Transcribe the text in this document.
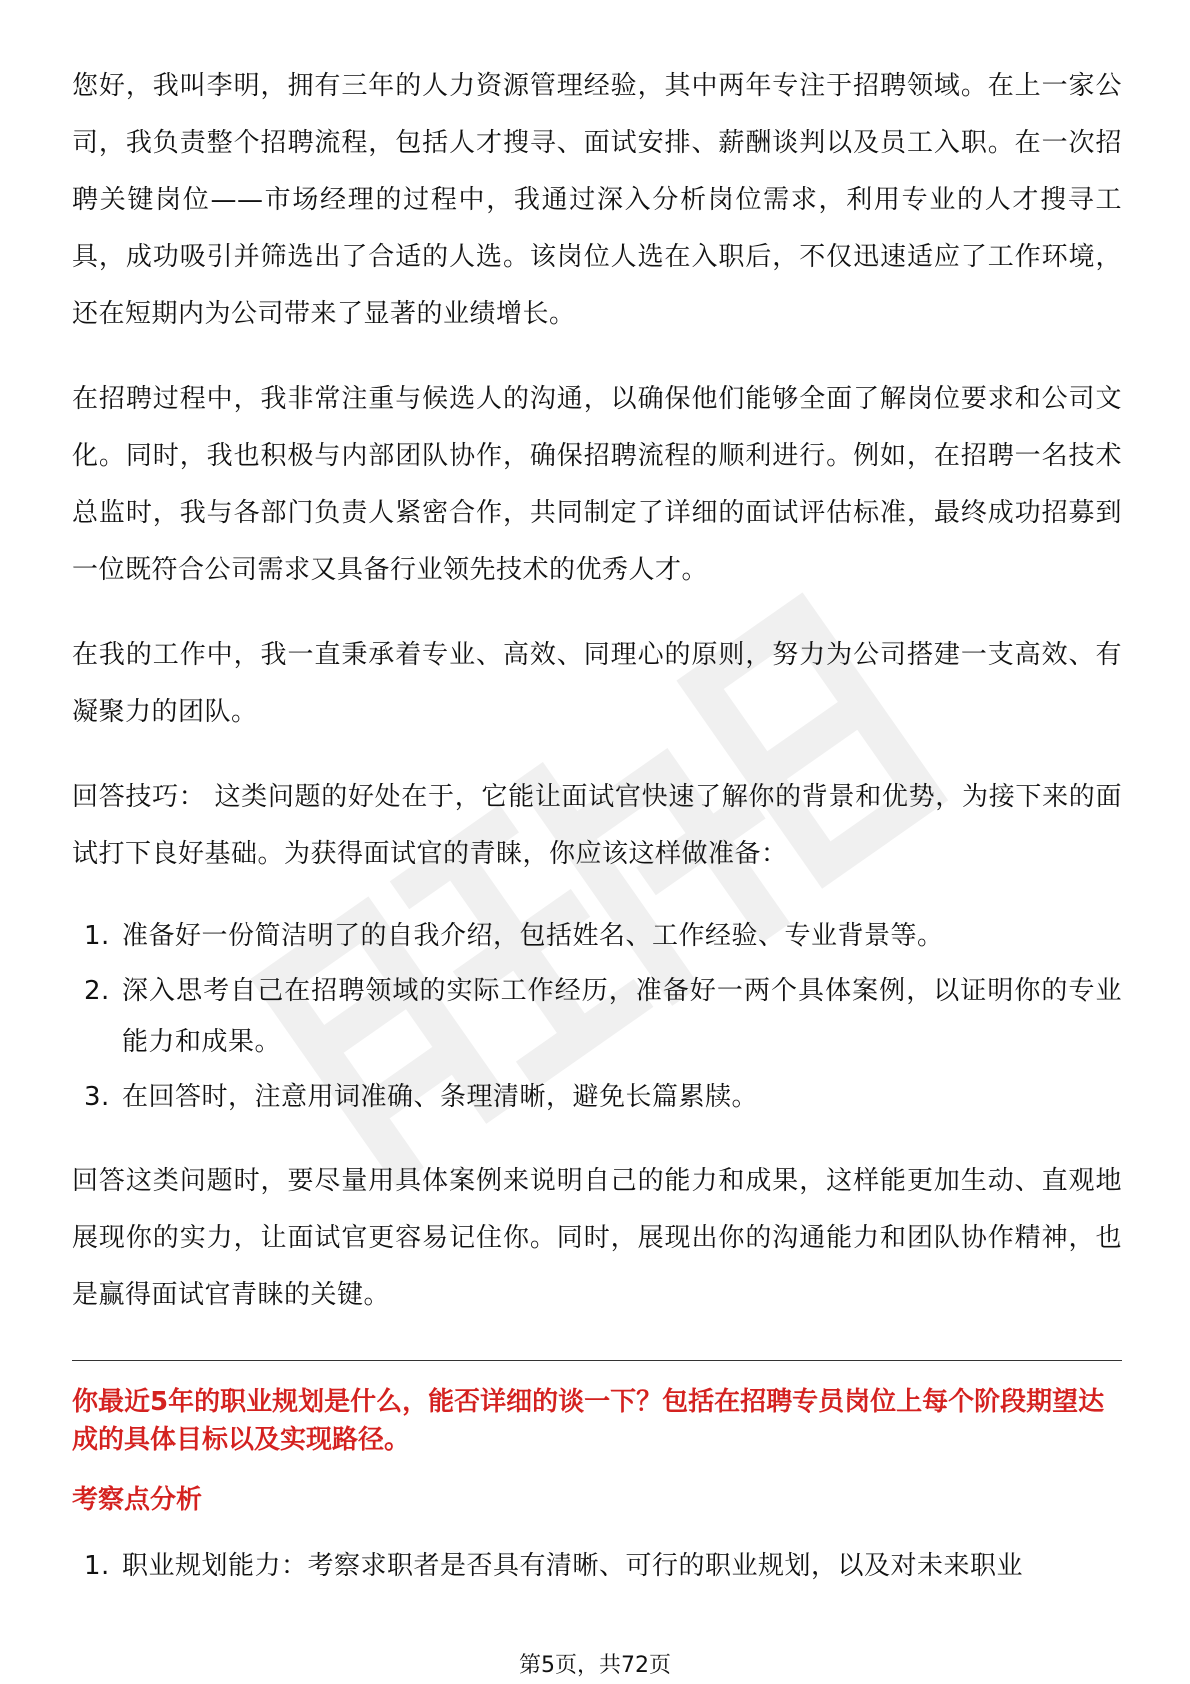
您好，我叫李明，拥有三年的人力资源管理经验，其中两年专注于招聘领域。在上一家公司，我负责整个招聘流程，包括人才搜寻、面试安排、薪酬谈判以及员工入职。在一次招聘关键岗位——市场经理的过程中，我通过深入分析岗位需求，利用专业的人才搜寻工具，成功吸引并筛选出了合适的人选。该岗位人选在入职后，不仅迅速适应了工作环境，还在短期内为公司带来了显著的业绩增长。

在招聘过程中，我非常注重与候选人的沟通，以确保他们能够全面了解岗位要求和公司文化。同时，我也积极与内部团队协作，确保招聘流程的顺利进行。例如，在招聘一名技术总监时，我与各部门负责人紧密合作，共同制定了详细的面试评估标准，最终成功招募到一位既符合公司需求又具备行业领先技术的优秀人才。

在我的工作中，我一直秉承着专业、高效、同理心的原则，努力为公司搭建一支高效、有凝聚力的团队。

回答技巧： 这类问题的好处在于，它能让面试官快速了解你的背景和优势，为接下来的面试打下良好基础。为获得面试官的青睐，你应该这样做准备：

1. 准备好一份简洁明了的自我介绍，包括姓名、工作经验、专业背景等。
2. 深入思考自己在招聘领域的实际工作经历，准备好一两个具体案例，以证明你的专业能力和成果。
3. 在回答时，注意用词准确、条理清晰，避免长篇累牍。

回答这类问题时，要尽量用具体案例来说明自己的能力和成果，这样能更加生动、直观地展现你的实力，让面试官更容易记住你。同时，展现出你的沟通能力和团队协作精神，也是赢得面试官青睐的关键。

你最近5年的职业规划是什么，能否详细的谈一下？包括在招聘专员岗位上每个阶段期望达成的具体目标以及实现路径。

考察点分析

1. 职业规划能力：考察求职者是否具有清晰、可行的职业规划，以及对未来职业
第5页，共72页
